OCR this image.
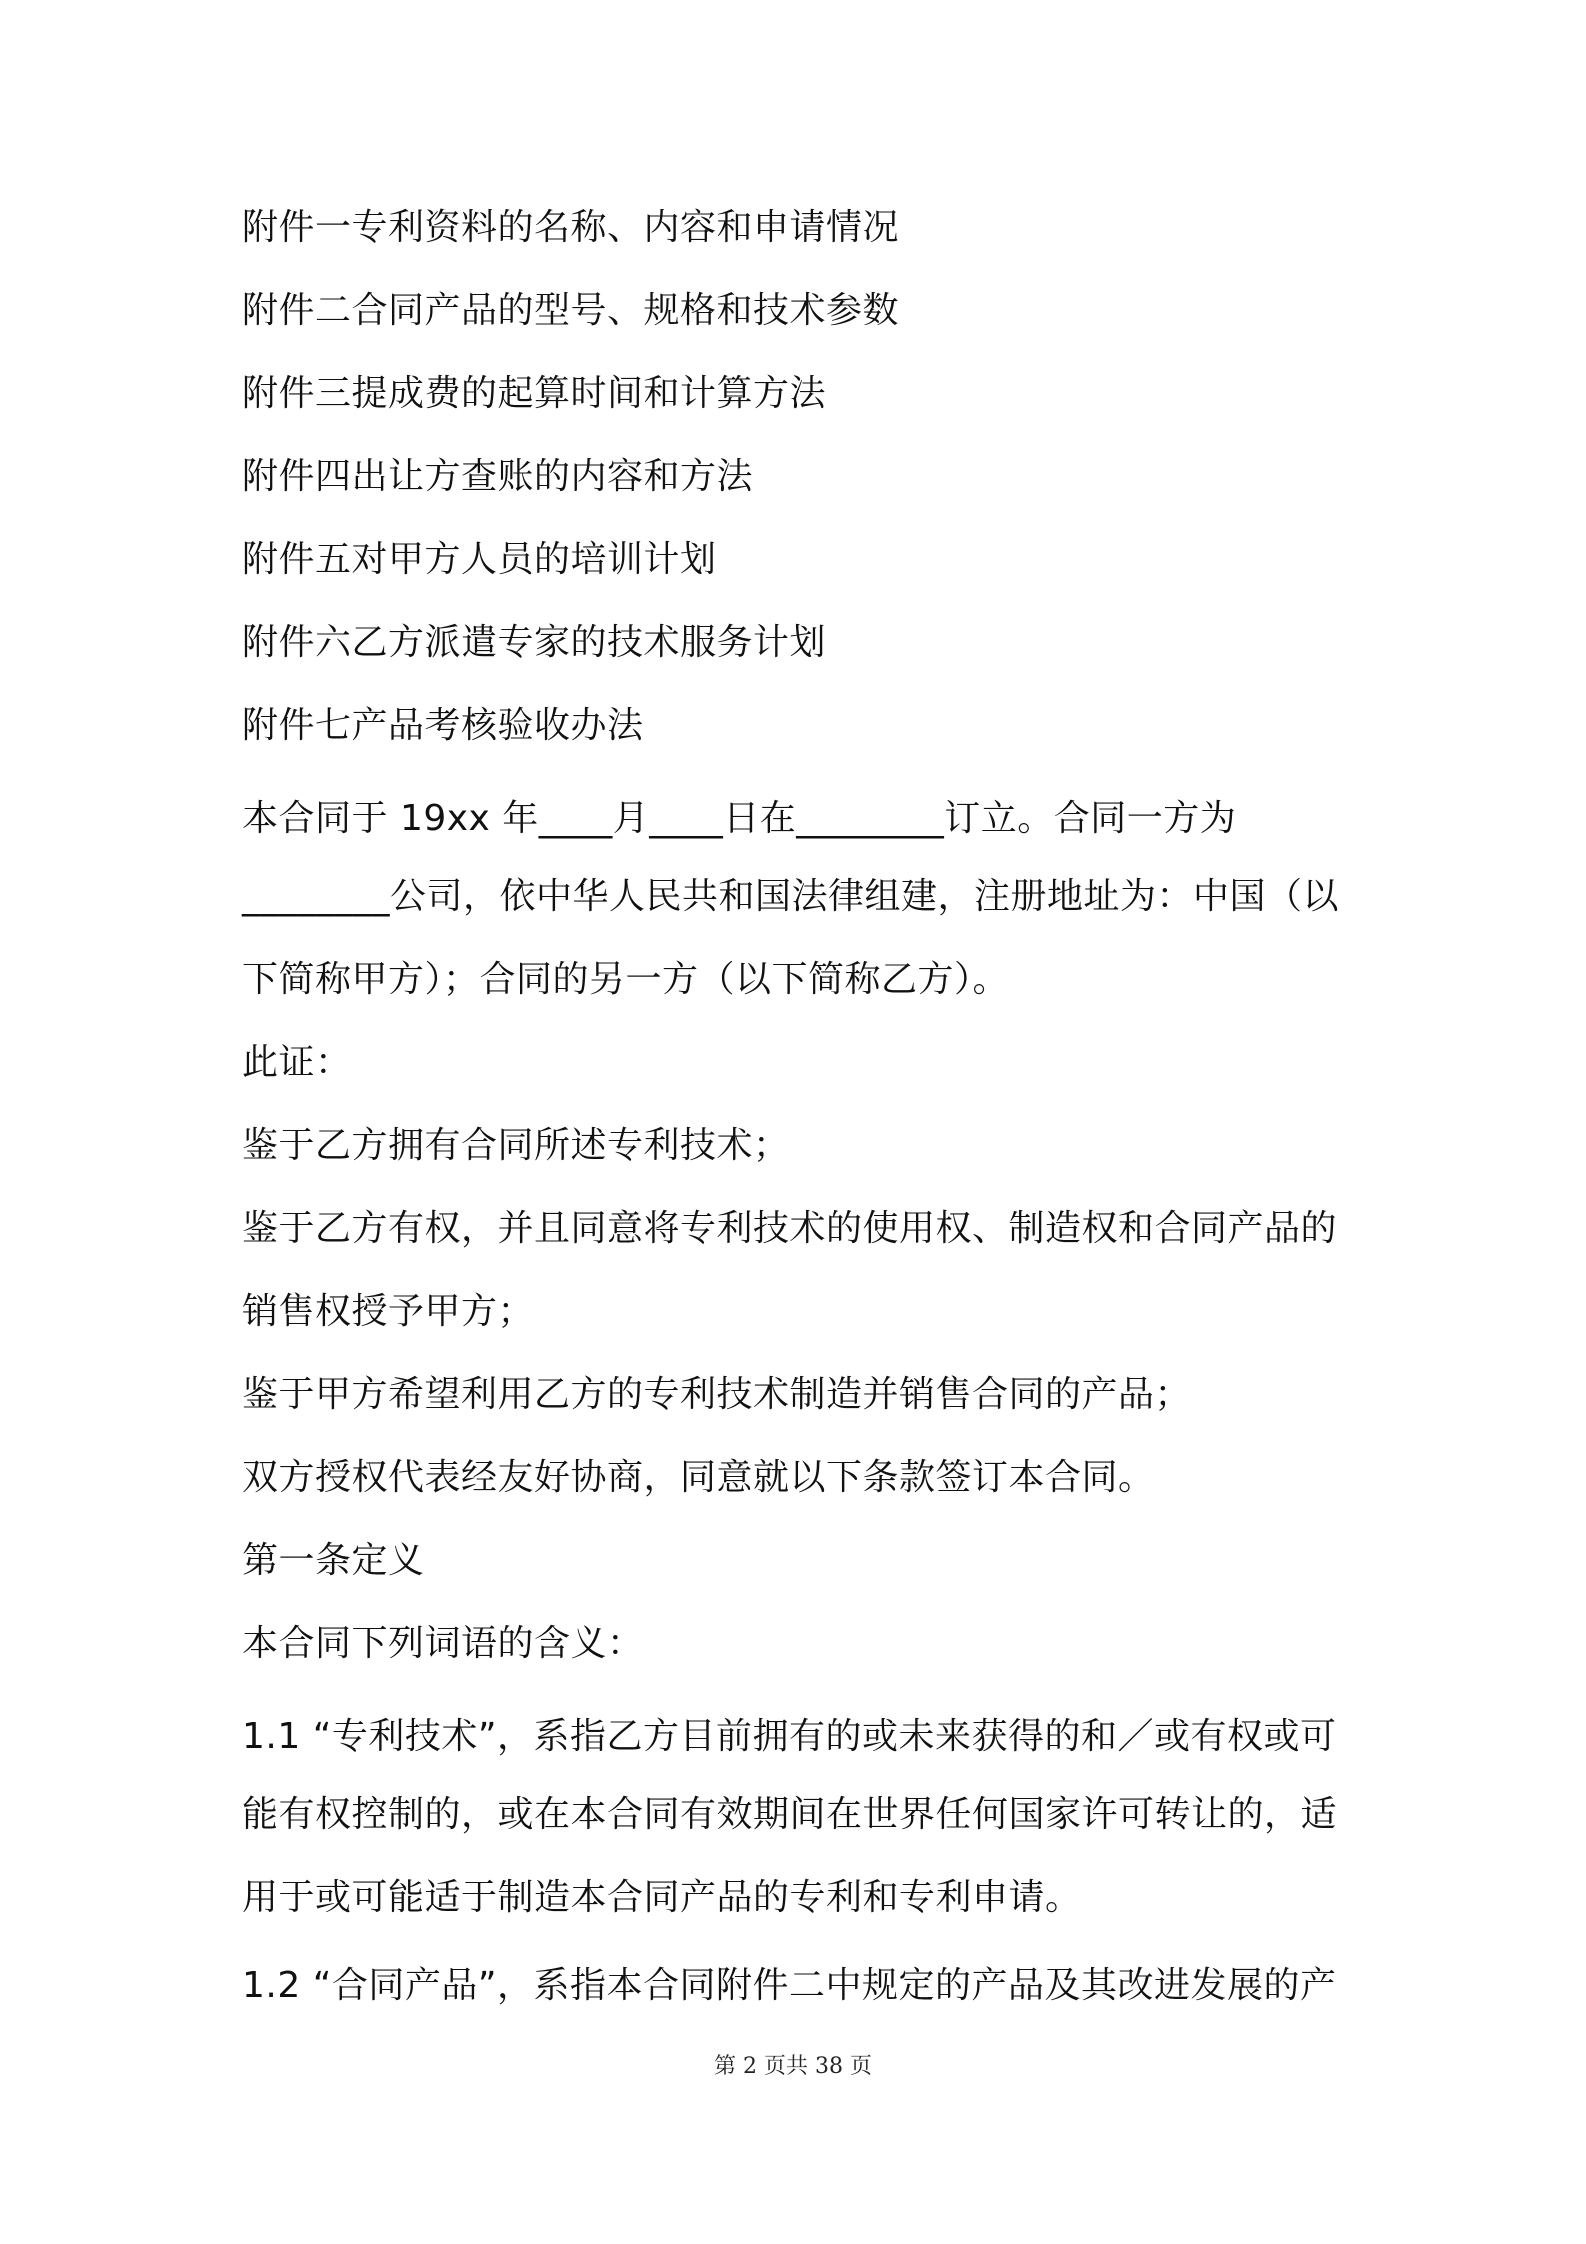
附件一专利资料的名称、内容和申请情况
附件二合同产品的型号、规格和技术参数
附件三提成费的起算时间和计算方法
附件四出让方查账的内容和方法
附件五对甲方人员的培训计划
附件六乙方派遣专家的技术服务计划
附件七产品考核验收办法
本合同于 19xx 年____月____日在________订立。合同一方为
________公司，依中华人民共和国法律组建，注册地址为：中国（以
下简称甲方）；合同的另一方（以下简称乙方）。
此证：
鉴于乙方拥有合同所述专利技术；
鉴于乙方有权，并且同意将专利技术的使用权、制造权和合同产品的
销售权授予甲方；
鉴于甲方希望利用乙方的专利技术制造并销售合同的产品；
双方授权代表经友好协商，同意就以下条款签订本合同。
第一条定义
本合同下列词语的含义：
1.1 “专利技术”，系指乙方目前拥有的或未来获得的和／或有权或可
能有权控制的，或在本合同有效期间在世界任何国家许可转让的，适
用于或可能适于制造本合同产品的专利和专利申请。
1.2 “合同产品”，系指本合同附件二中规定的产品及其改进发展的产
第 2 页共 38 页
